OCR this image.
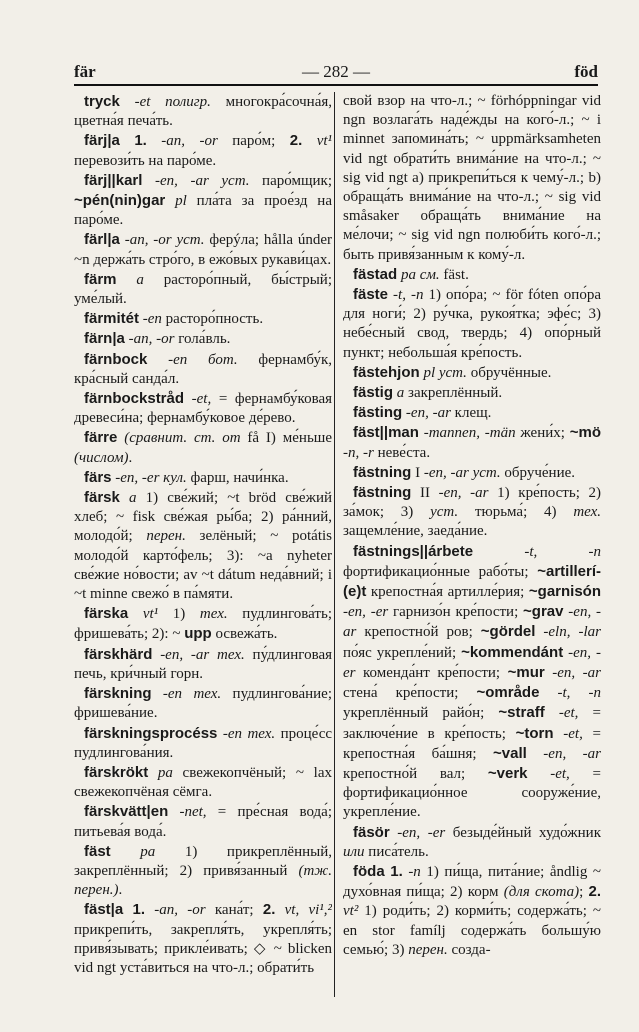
fär	— 282 —	föd

tryck -et полигр. многокра́сочна́я, цветна́я печа́ть.

färj|a 1. -an, -or паро́м; 2. vt¹ перевози́ть на паро́ме.

färj||karl -en, -ar уст. паро́мщик; ~pén(nin)gar pl пла́та за прое́зд на паро́ме.

färl|a -an, -or уст. ферýла; hålla únder ~n держа́ть стро́го, в ежо́вых рукави́цах.

färm a расторо́пный, бы́стрый; уме́лый.

färmitét -en расторо́пность.

färn|a -an, -or гола́вль.

färnbock -en бот. фернамбу́к, кра́сный санда́л.

färnbockstråd -et, = фернамбу́ковая древеси́на; фернамбу́ковое де́рево.

färre (сравнит. ст. от få I) ме́ньше (числом).

färs -en, -er кул. фарш, начи́нка.

färsk a 1) све́жий; ~t bröd све́жий хлеб; ~ fisk све́жая ры́ба; 2) ра́нний, молодо́й; перен. зелёный; ~ potátis молодо́й карто́фель; 3): ~a nyheter све́жие но́вости; av ~t dátum неда́вний; i ~t minne свежо́ в па́мяти.

färska vt¹ 1) тех. пудлингова́ть; фришева́ть; 2): ~ upp освежа́ть.

färskhärd -en, -ar тех. пу́длинговая печь, кри́чный горн.

färskning -en тех. пудлингова́ние; фришева́ние.

färskningsprocéss -en тех. проце́сс пудлингова́ния.

färskrökt pa свежекопчёный; ~ lax свежекопчёная сёмга.

färskvätt|en -net, = пре́сная вода́; питьева́я вода́.

fäst pa 1) прикреплённый, закреплённый; 2) привя́занный (тж. перен.).

fäst|a 1. -an, -or кана́т; 2. vt, vi¹,² прикрепи́ть, закрепля́ть, укрепля́ть; привя́зывать; прикле́ивать; ◇ ~ blicken vid ngt уста́виться на что-л.; обрати́ть

свой взор на что-л.; ~ förhóppningar vid ngn возлага́ть наде́жды на кого́-л.; ~ i minnet запомина́ть; ~ uppmärksamheten vid ngt обрати́ть внима́ние на что-л.; ~ sig vid ngt а) прикрепи́ться к чему́-л.; b) обраща́ть внима́ние на что-л.; ~ sig vid småsaker обраща́ть внима́ние на ме́лочи; ~ sig vid ngn полюби́ть кого́-л.; быть привя́занным к кому́-л.

fästad pa см. fäst.

fäste -t, -n 1) опо́ра; ~ för fóten опо́ра для ноги́; 2) ру́чка, рукоя́тка; эфе́с; 3) небе́сный свод, твердь; 4) опо́рный пункт; небольша́я кре́пость.

fästehjon pl уст. обручённые.

fästig a закреплённый.

fästing -en, -ar клещ.

fäst||man -mannen, -män жени́х; ~mö -n, -r неве́ста.

fästning I -en, -ar уст. обруче́ние.

fästning II -en, -ar 1) кре́пость; 2) за́мок; 3) уст. тюрьма́; 4) тех. защемле́ние, заеда́ние.

fästnings||árbete	-t, -n фортификацио́нные рабо́ты; ~artillerí-(e)t крепостна́я артилле́рия; ~garnisón -en, -er гарнизо́н кре́пости; ~grav -en, -ar крепостно́й ров; ~gördel -eln, -lar по́яс укрепле́ний; ~kommendánt -en, -er коменда́нт кре́пости; ~mur -en, -ar стена́ кре́пости; ~område -t, -n укреплённый райо́н; ~straff -et, = заключе́ние в кре́пость; ~torn -et, = крепостна́я ба́шня; ~vall -en, -ar крепостно́й вал; ~verk -et, = фортификацио́нное сооруже́ние, укрепле́ние.

fäsör -en, -er безыде́йный худо́жник или писа́тель.

föda 1. -n 1) пи́ща, пита́ние; åndlig ~ духо́вная пи́ща; 2) корм (для скота); 2. vt² 1) роди́ть; 2) корми́ть; содержа́ть; ~ en stor famílj содержа́ть большу́ю семью́; 3) перен. созда-
